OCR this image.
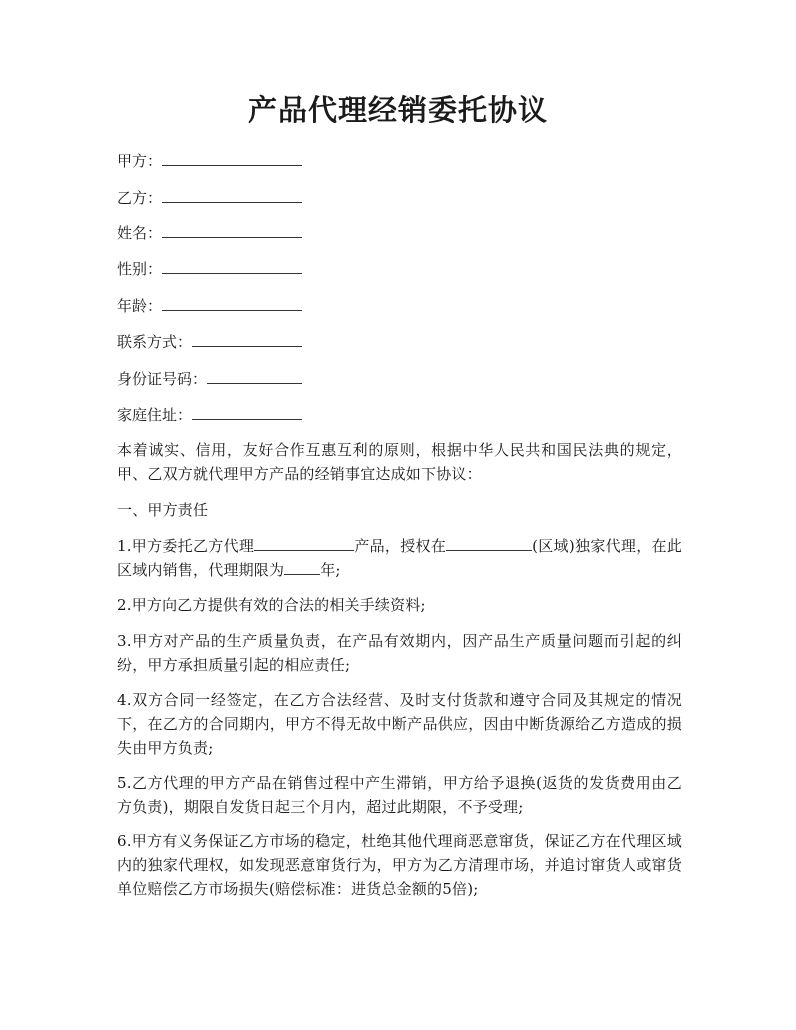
产品代理经销委托协议
甲方：
乙方：
姓名：
性别：
年龄：
联系方式：
身份证号码：
家庭住址：
本着诚实、信用，友好合作互惠互利的原则，根据中华人民共和国民法典的规定，甲、乙双方就代理甲方产品的经销事宜达成如下协议：
一、甲方责任
1.甲方委托乙方代理	产品，授权在	(区域)独家代理，在此区域内销售，代理期限为 年;
2.甲方向乙方提供有效的合法的相关手续资料;
3.甲方对产品的生产质量负责，在产品有效期内，因产品生产质量问题而引起的纠纷，甲方承担质量引起的相应责任;
4.双方合同一经签定，在乙方合法经营、及时支付货款和遵守合同及其规定的情况下，在乙方的合同期内，甲方不得无故中断产品供应，因由中断货源给乙方造成的损失由甲方负责;
5.乙方代理的甲方产品在销售过程中产生滞销，甲方给予退换(返货的发货费用由乙方负责)，期限自发货日起三个月内，超过此期限，不予受理;
6.甲方有义务保证乙方市场的稳定，杜绝其他代理商恶意窜货，保证乙方在代理区域内的独家代理权，如发现恶意窜货行为，甲方为乙方清理市场，并追讨窜货人或窜货单位赔偿乙方市场损失(赔偿标准：进货总金额的5倍);
